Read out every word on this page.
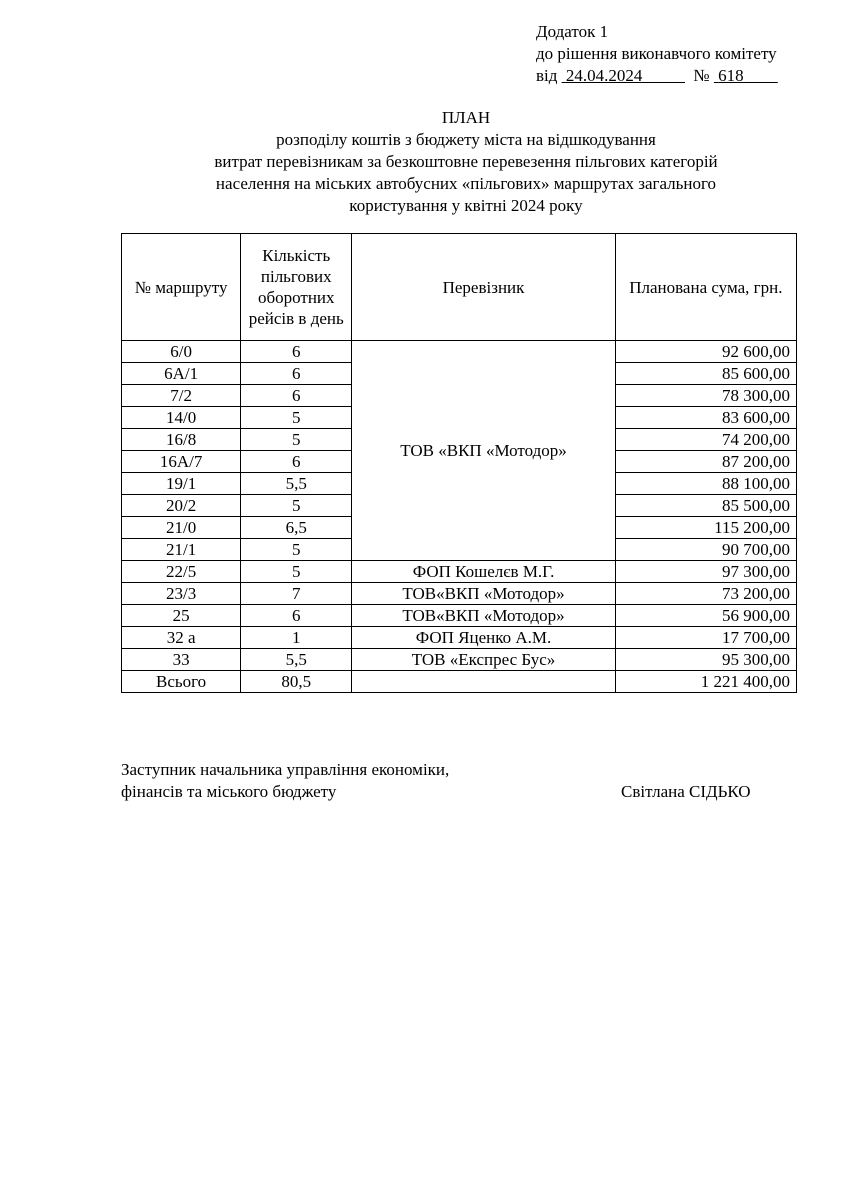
Додаток 1
до рішення виконавчого комітету
від 24.04.2024_____ № 618____
ПЛАН
розподілу коштів з бюджету міста на відшкодування
витрат перевізникам за безкоштовне перевезення пільгових категорій
населення на міських автобусних «пільгових» маршрутах загального
користування у квітні 2024 року
№ маршруту	Кількість пільгових оборотних рейсів в день	Перевізник	Планована сума, грн.
6/0	6	ТОВ «ВКП «Мотодор»	92 600,00
6А/1	6		85 600,00
7/2	6		78 300,00
14/0	5		83 600,00
16/8	5		74 200,00
16А/7	6		87 200,00
19/1	5,5		88 100,00
20/2	5		85 500,00
21/0	6,5		115 200,00
21/1	5		90 700,00
22/5	5	ФОП Кошелєв М.Г.	97 300,00
23/3	7	ТОВ«ВКП «Мотодор»	73 200,00
25	6	ТОВ«ВКП «Мотодор»	56 900,00
32 а	1	ФОП Яценко А.М.	17 700,00
33	5,5	ТОВ «Експрес Бус»	95 300,00
Всього	80,5		1 221 400,00
Заступник начальника управління економіки,
фінансів та міського бюджету	Світлана СІДЬКО
